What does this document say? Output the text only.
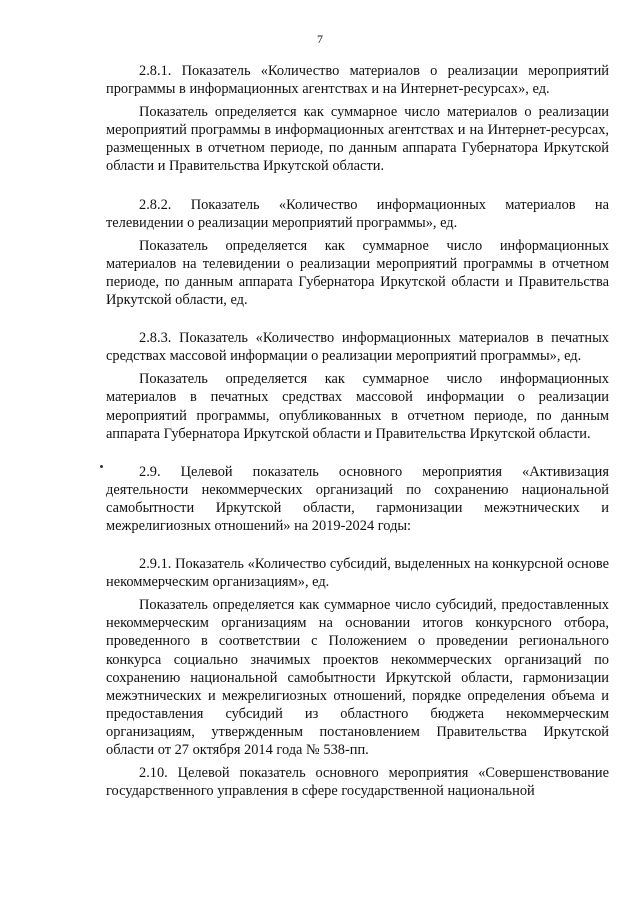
7

2.8.1. Показатель «Количество материалов о реализации мероприятий программы в информационных агентствах и на Интернет-ресурсах», ед.

Показатель определяется как суммарное число материалов о реализации мероприятий программы в информационных агентствах и на Интернет-ресурсах, размещенных в отчетном периоде, по данным аппарата Губернатора Иркутской области и Правительства Иркутской области.

2.8.2. Показатель «Количество информационных материалов на телевидении о реализации мероприятий программы», ед.

Показатель определяется как суммарное число информационных материалов на телевидении о реализации мероприятий программы в отчетном периоде, по данным аппарата Губернатора Иркутской области и Правительства Иркутской области, ед.

2.8.3. Показатель «Количество информационных материалов в печатных средствах массовой информации о реализации мероприятий программы», ед.

Показатель определяется как суммарное число информационных материалов в печатных средствах массовой информации о реализации мероприятий программы, опубликованных в отчетном периоде, по данным аппарата Губернатора Иркутской области и Правительства Иркутской области.

2.9. Целевой показатель основного мероприятия «Активизация деятельности некоммерческих организаций по сохранению национальной самобытности Иркутской области, гармонизации межэтнических и межрелигиозных отношений» на 2019-2024 годы:

2.9.1. Показатель «Количество субсидий, выделенных на конкурсной основе некоммерческим организациям», ед.

Показатель определяется как суммарное число субсидий, предоставленных некоммерческим организациям на основании итогов конкурсного отбора, проведенного в соответствии с Положением о проведении регионального конкурса социально значимых проектов некоммерческих организаций по сохранению национальной самобытности Иркутской области, гармонизации межэтнических и межрелигиозных отношений, порядке определения объема и предоставления субсидий из областного бюджета некоммерческим организациям, утвержденным постановлением Правительства Иркутской области от 27 октября 2014 года № 538-пп.

2.10. Целевой показатель основного мероприятия «Совершенствование государственного управления в сфере государственной национальной
